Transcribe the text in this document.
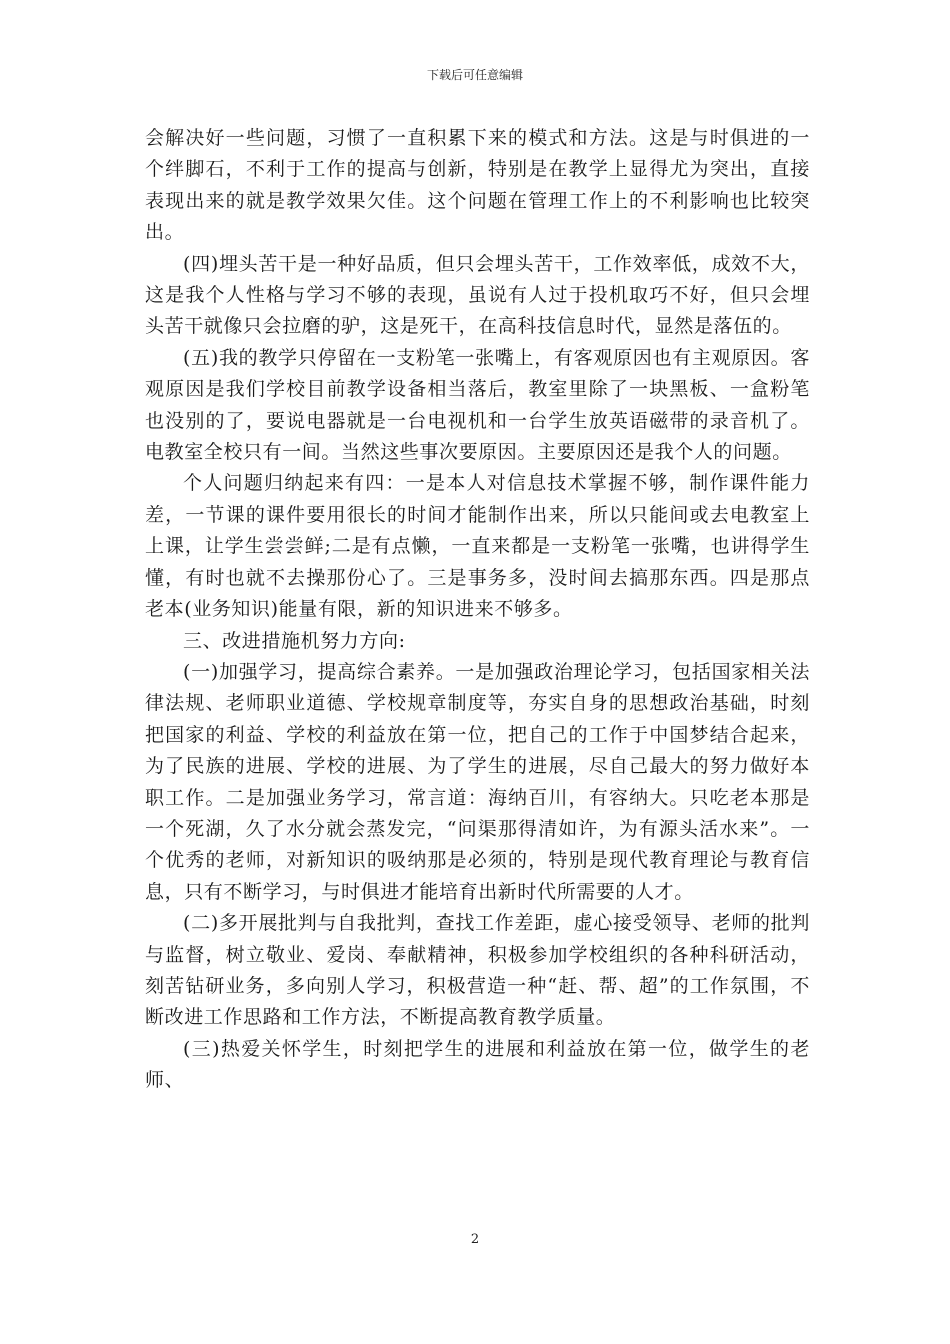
下载后可任意编辑

会解决好一些问题，习惯了一直积累下来的模式和方法。这是与时俱进的一个绊脚石，不利于工作的提高与创新，特别是在教学上显得尤为突出，直接表现出来的就是教学效果欠佳。这个问题在管理工作上的不利影响也比较突出。

(四)埋头苦干是一种好品质，但只会埋头苦干，工作效率低，成效不大，这是我个人性格与学习不够的表现，虽说有人过于投机取巧不好，但只会埋头苦干就像只会拉磨的驴，这是死干，在高科技信息时代，显然是落伍的。

(五)我的教学只停留在一支粉笔一张嘴上，有客观原因也有主观原因。客观原因是我们学校目前教学设备相当落后，教室里除了一块黑板、一盒粉笔也没别的了，要说电器就是一台电视机和一台学生放英语磁带的录音机了。电教室全校只有一间。当然这些事次要原因。主要原因还是我个人的问题。

个人问题归纳起来有四：一是本人对信息技术掌握不够，制作课件能力差，一节课的课件要用很长的时间才能制作出来，所以只能间或去电教室上上课，让学生尝尝鲜;二是有点懒，一直来都是一支粉笔一张嘴，也讲得学生懂，有时也就不去操那份心了。三是事务多，没时间去搞那东西。四是那点老本(业务知识)能量有限，新的知识进来不够多。

三、改进措施机努力方向:

(一)加强学习，提高综合素养。一是加强政治理论学习，包括国家相关法律法规、老师职业道德、学校规章制度等，夯实自身的思想政治基础，时刻把国家的利益、学校的利益放在第一位，把自己的工作于中国梦结合起来，为了民族的进展、学校的进展、为了学生的进展，尽自己最大的努力做好本职工作。二是加强业务学习，常言道：海纳百川，有容纳大。只吃老本那是一个死湖，久了水分就会蒸发完，“问渠那得清如许，为有源头活水来”。一个优秀的老师，对新知识的吸纳那是必须的，特别是现代教育理论与教育信息，只有不断学习，与时俱进才能培育出新时代所需要的人才。

(二)多开展批判与自我批判，查找工作差距，虚心接受领导、老师的批判与监督，树立敬业、爱岗、奉献精神，积极参加学校组织的各种科研活动，刻苦钻研业务，多向别人学习，积极营造一种“赶、帮、超”的工作氛围，不断改进工作思路和工作方法，不断提高教育教学质量。

(三)热爱关怀学生，时刻把学生的进展和利益放在第一位，做学生的老师、

2
